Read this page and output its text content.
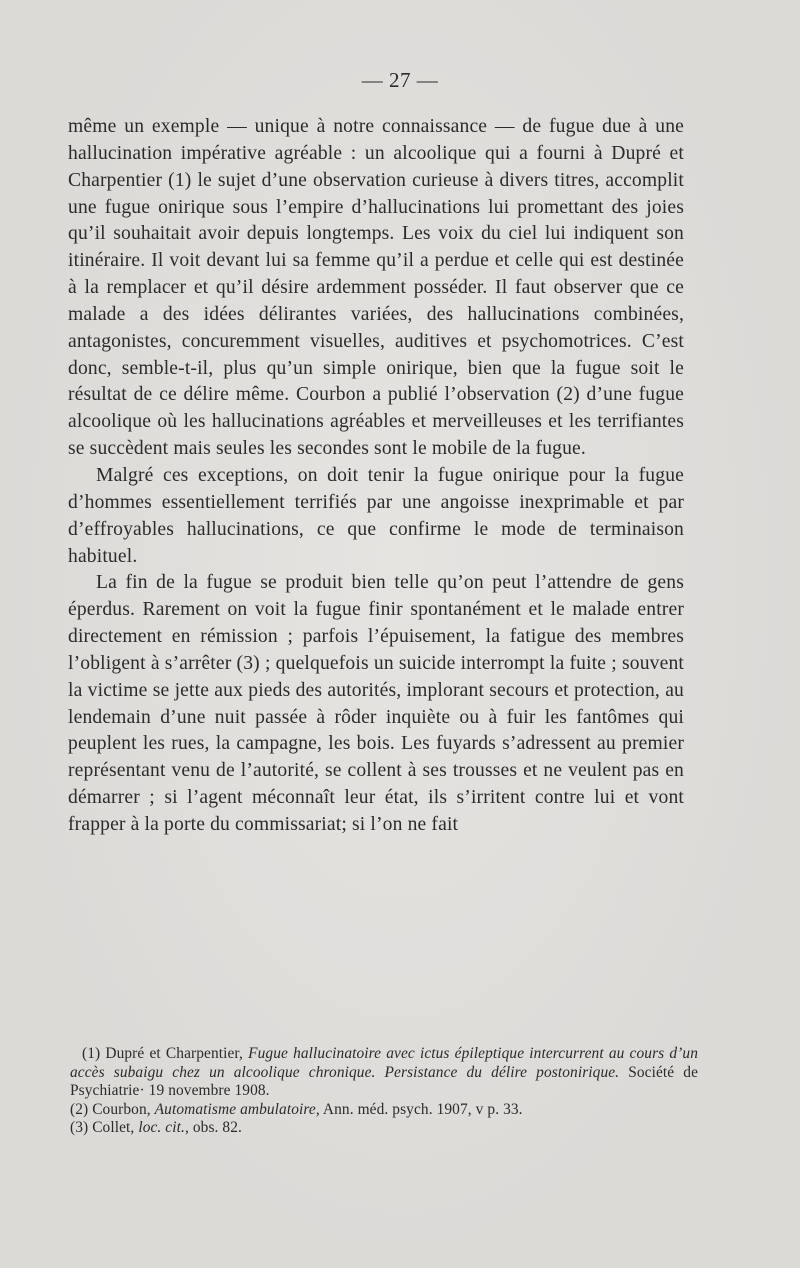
— 27 —

même un exemple — unique à notre connaissance — de fugue due à une hallucination impérative agréable : un alcoolique qui a fourni à Dupré et Charpentier (1) le sujet d’une observation curieuse à divers titres, accomplit une fugue onirique sous l’empire d’hallucinations lui promettant des joies qu’il souhaitait avoir depuis longtemps. Les voix du ciel lui indiquent son itinéraire. Il voit devant lui sa femme qu’il a perdue et celle qui est destinée à la remplacer et qu’il désire ardemment posséder. Il faut observer que ce malade a des idées délirantes variées, des hallucinations combinées, antagonistes, concuremment visuelles, auditives et psychomotrices. C’est donc, semble-t-il, plus qu’un simple onirique, bien que la fugue soit le résultat de ce délire même. Courbon a publié l’observation (2) d’une fugue alcoolique où les hallucinations agréables et merveilleuses et les terrifiantes se succèdent mais seules les secondes sont le mobile de la fugue.

Malgré ces exceptions, on doit tenir la fugue onirique pour la fugue d’hommes essentiellement terrifiés par une angoisse inexprimable et par d’effroyables hallucinations, ce que confirme le mode de terminaison habituel.

La fin de la fugue se produit bien telle qu’on peut l’attendre de gens éperdus. Rarement on voit la fugue finir spontanément et le malade entrer directement en rémission ; parfois l’épuisement, la fatigue des membres l’obligent à s’arrêter (3) ; quelquefois un suicide interrompt la fuite ; souvent la victime se jette aux pieds des autorités, implorant secours et protection, au lendemain d’une nuit passée à rôder inquiète ou à fuir les fantômes qui peuplent les rues, la campagne, les bois. Les fuyards s’adressent au premier représentant venu de l’autorité, se collent à ses trousses et ne veulent pas en démarrer ; si l’agent méconnaît leur état, ils s’irritent contre lui et vont frapper à la porte du commissariat; si l’on ne fait

(1) Dupré et Charpentier, Fugue hallucinatoire avec ictus épileptique intercurrent au cours d’un accès subaigu chez un alcoolique chronique. Persistance du délire postonirique. Société de Psychiatrie· 19 novembre 1908.

(2) Courbon, Automatisme ambulatoire, Ann. méd. psych. 1907, v p. 33.

(3) Collet, loc. cit., obs. 82.
